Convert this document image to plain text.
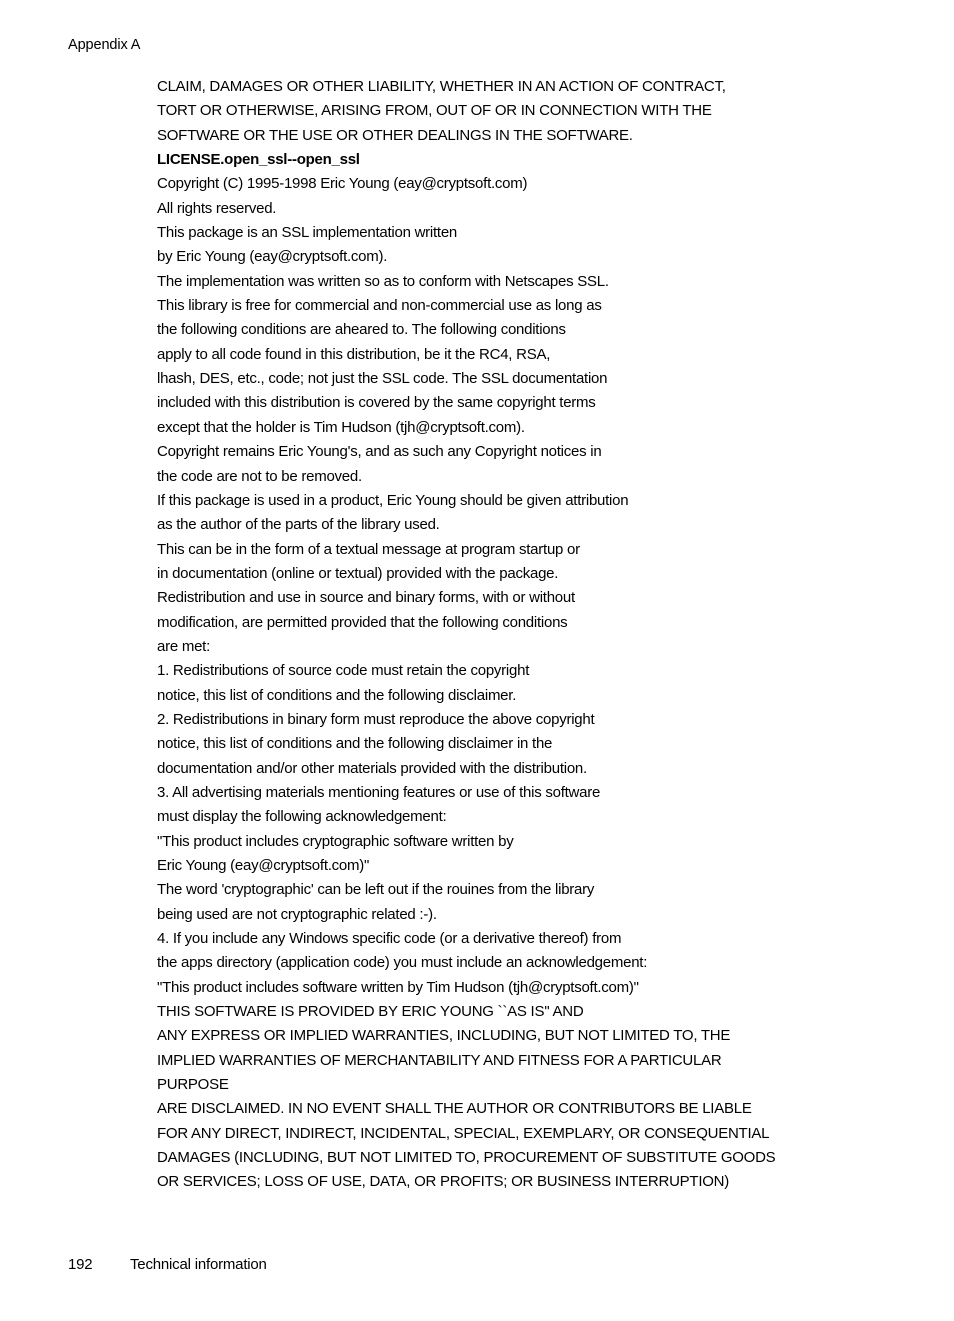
Appendix A

CLAIM, DAMAGES OR OTHER LIABILITY, WHETHER IN AN ACTION OF CONTRACT,

TORT OR OTHERWISE, ARISING FROM, OUT OF OR IN CONNECTION WITH THE

SOFTWARE OR THE USE OR OTHER DEALINGS IN THE SOFTWARE.

LICENSE.open_ssl--open_ssl

Copyright (C) 1995-1998 Eric Young (eay@cryptsoft.com)

All rights reserved.

This package is an SSL implementation written

by Eric Young (eay@cryptsoft.com).

The implementation was written so as to conform with Netscapes SSL.

This library is free for commercial and non-commercial use as long as

the following conditions are aheared to. The following conditions

apply to all code found in this distribution, be it the RC4, RSA,

lhash, DES, etc., code; not just the SSL code. The SSL documentation

included with this distribution is covered by the same copyright terms

except that the holder is Tim Hudson (tjh@cryptsoft.com).

Copyright remains Eric Young's, and as such any Copyright notices in

the code are not to be removed.

If this package is used in a product, Eric Young should be given attribution

as the author of the parts of the library used.

This can be in the form of a textual message at program startup or

in documentation (online or textual) provided with the package.

Redistribution and use in source and binary forms, with or without

modification, are permitted provided that the following conditions

are met:

1. Redistributions of source code must retain the copyright

notice, this list of conditions and the following disclaimer.

2. Redistributions in binary form must reproduce the above copyright

notice, this list of conditions and the following disclaimer in the

documentation and/or other materials provided with the distribution.

3. All advertising materials mentioning features or use of this software

must display the following acknowledgement:

"This product includes cryptographic software written by

Eric Young (eay@cryptsoft.com)"

The word 'cryptographic' can be left out if the rouines from the library

being used are not cryptographic related :-).

4. If you include any Windows specific code (or a derivative thereof) from

the apps directory (application code) you must include an acknowledgement:

"This product includes software written by Tim Hudson (tjh@cryptsoft.com)"

THIS SOFTWARE IS PROVIDED BY ERIC YOUNG ``AS IS'' AND

ANY EXPRESS OR IMPLIED WARRANTIES, INCLUDING, BUT NOT LIMITED TO, THE

IMPLIED WARRANTIES OF MERCHANTABILITY AND FITNESS FOR A PARTICULAR

PURPOSE

ARE DISCLAIMED. IN NO EVENT SHALL THE AUTHOR OR CONTRIBUTORS BE LIABLE

FOR ANY DIRECT, INDIRECT, INCIDENTAL, SPECIAL, EXEMPLARY, OR CONSEQUENTIAL

DAMAGES (INCLUDING, BUT NOT LIMITED TO, PROCUREMENT OF SUBSTITUTE GOODS

OR SERVICES; LOSS OF USE, DATA, OR PROFITS; OR BUSINESS INTERRUPTION)

192	Technical information
